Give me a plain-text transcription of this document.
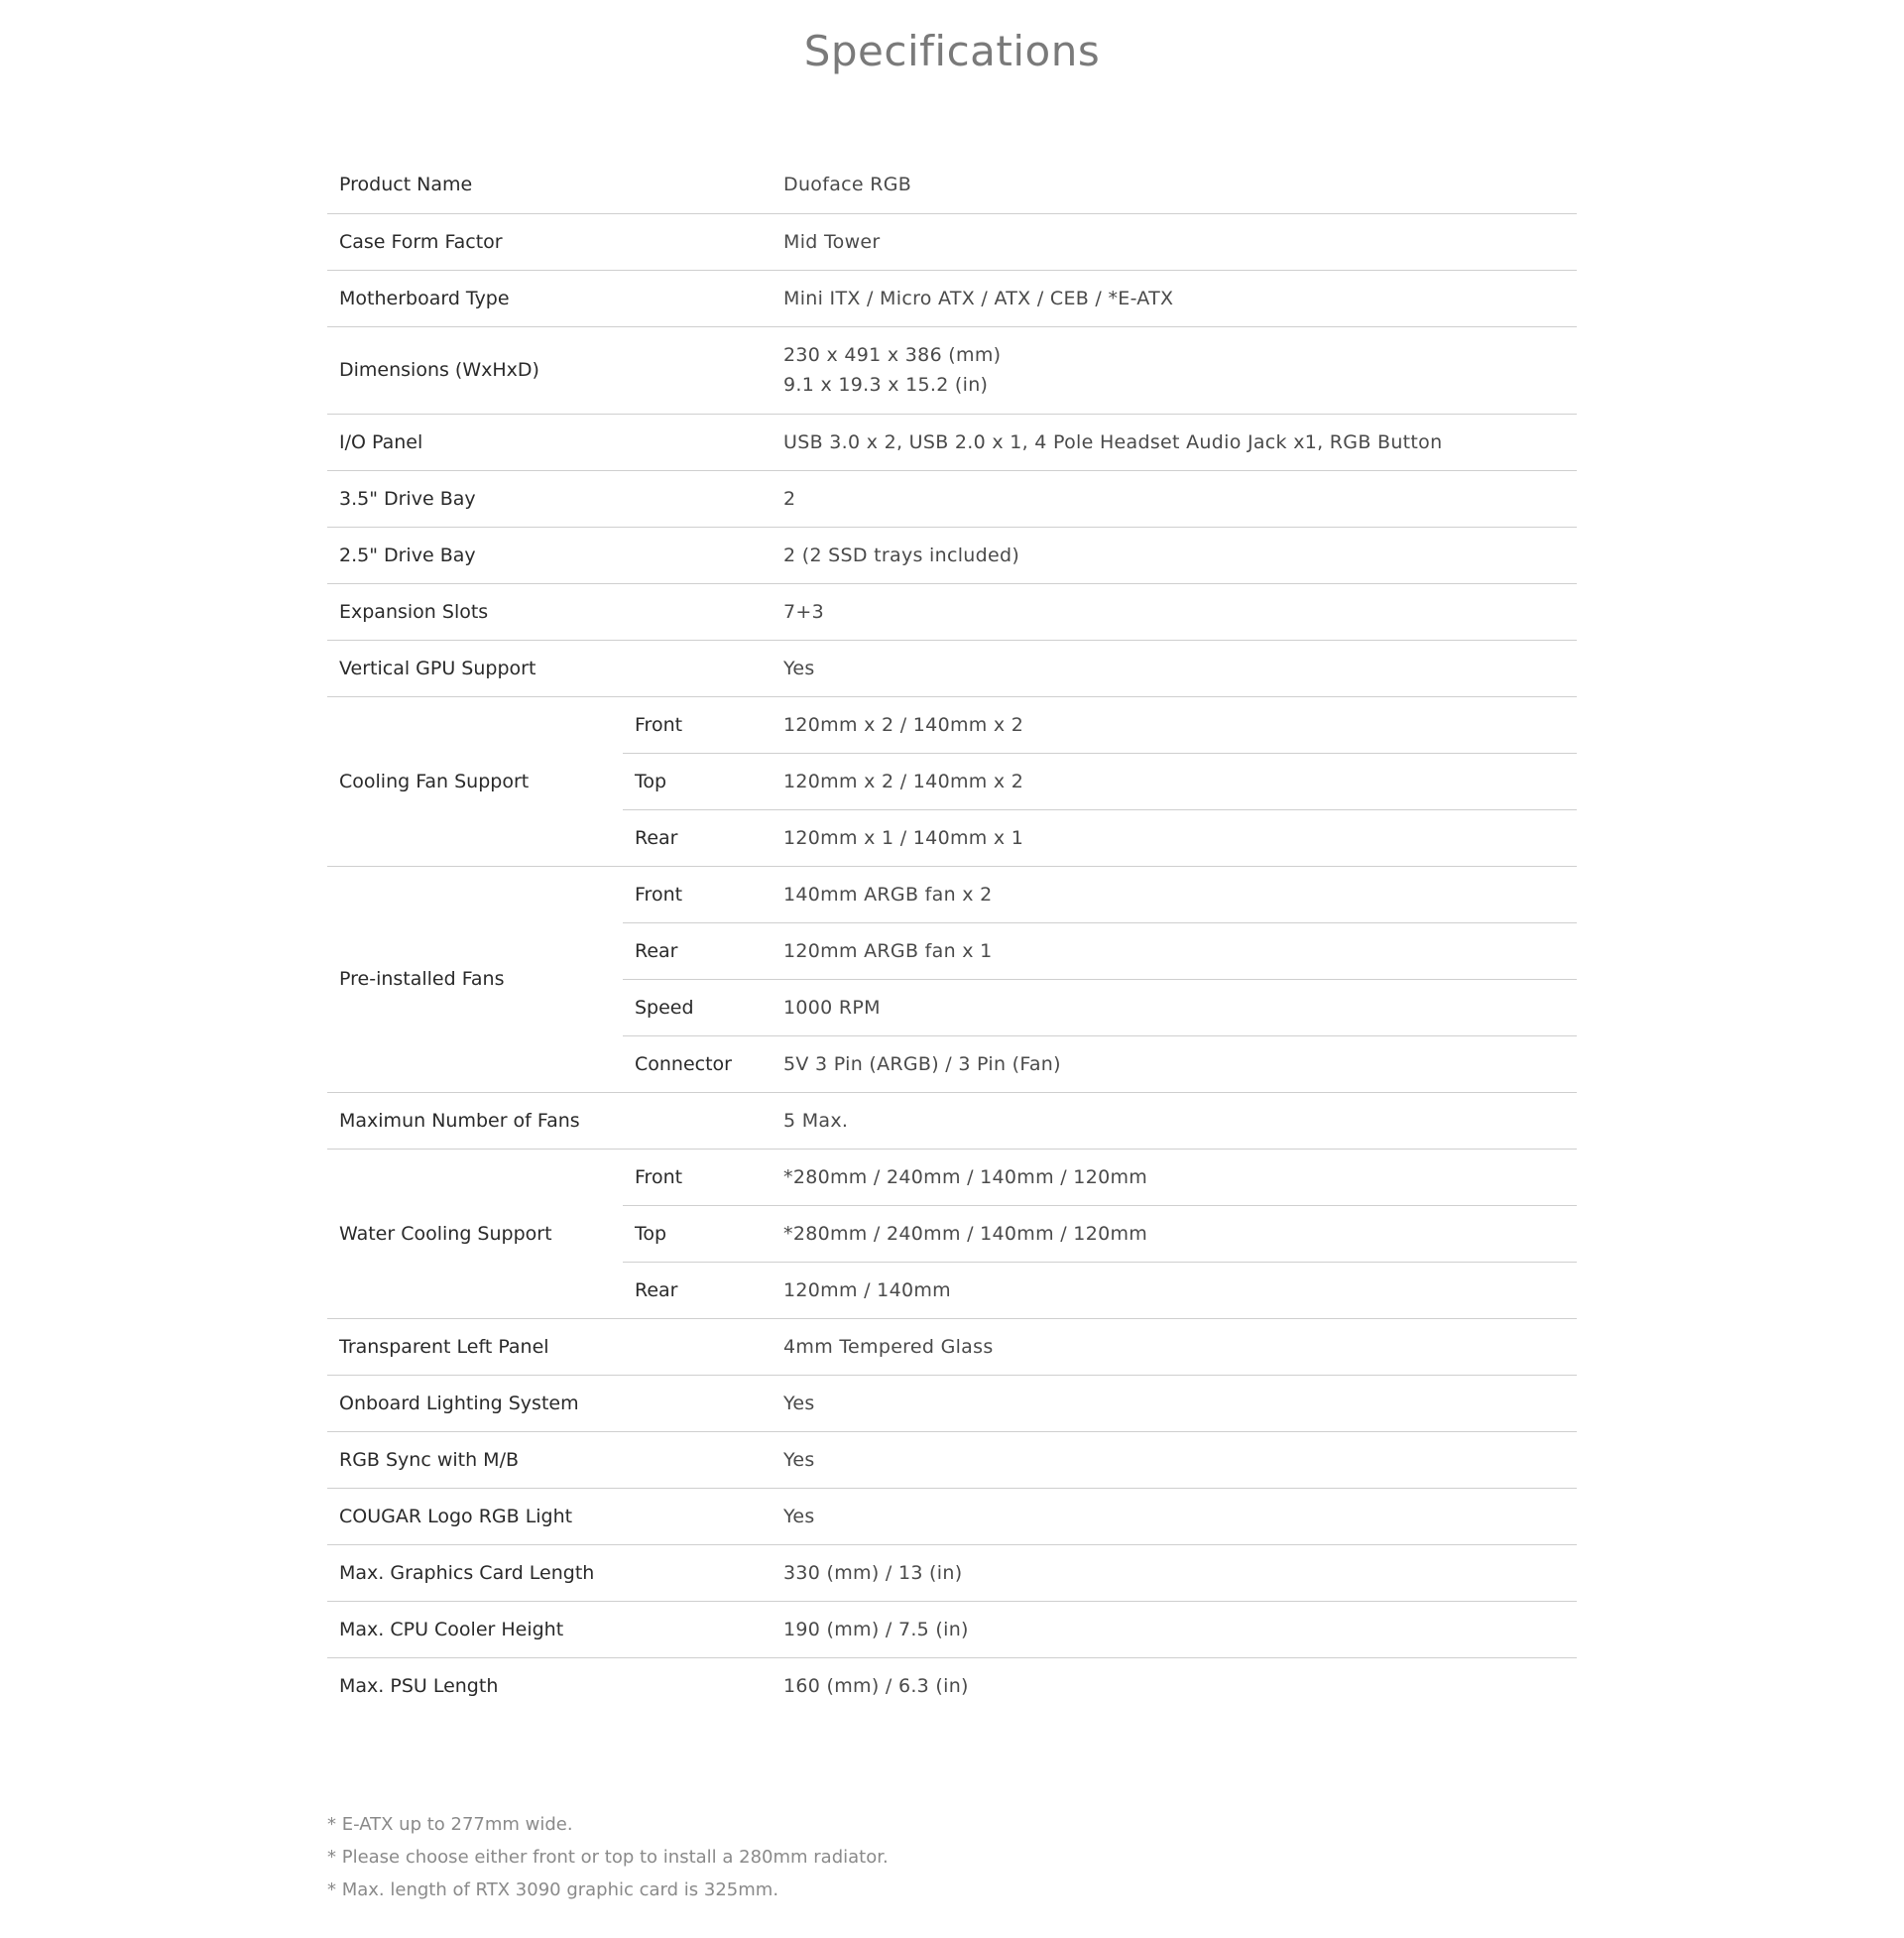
Specifications
Product Name		Duoface RGB
Case Form Factor		Mid Tower
Motherboard Type		Mini ITX / Micro ATX / ATX / CEB / *E-ATX
Dimensions (WxHxD)		230 x 491 x 386 (mm)
9.1 x 19.3 x 15.2 (in)

I/O Panel		USB 3.0 x 2, USB 2.0 x 1, 4 Pole Headset Audio Jack x1, RGB Button
3.5" Drive Bay		2
2.5" Drive Bay		2 (2 SSD trays included)
Expansion Slots		7+3
Vertical GPU Support		Yes
Cooling Fan Support	Front	120mm x 2 / 140mm x 2
	Top	120mm x 2 / 140mm x 2
	Rear	120mm x 1 / 140mm x 1
Pre-installed Fans	Front	140mm ARGB fan x 2
	Rear	120mm ARGB fan x 1
	Speed	1000 RPM
	Connector	5V 3 Pin (ARGB) / 3 Pin (Fan)
Maximun Number of Fans		5 Max.
Water Cooling Support	Front	*280mm / 240mm / 140mm / 120mm
	Top	*280mm / 240mm / 140mm / 120mm
	Rear	120mm / 140mm
Transparent Left Panel		4mm Tempered Glass
Onboard Lighting System		Yes
RGB Sync with M/B		Yes
COUGAR Logo RGB Light		Yes
Max. Graphics Card Length		330 (mm) / 13 (in)
Max. CPU Cooler Height		190 (mm) / 7.5 (in)
Max. PSU Length		160 (mm) / 6.3 (in)
* E-ATX up to 277mm wide.
* Please choose either front or top to install a 280mm radiator.
* Max. length of RTX 3090 graphic card is 325mm.
